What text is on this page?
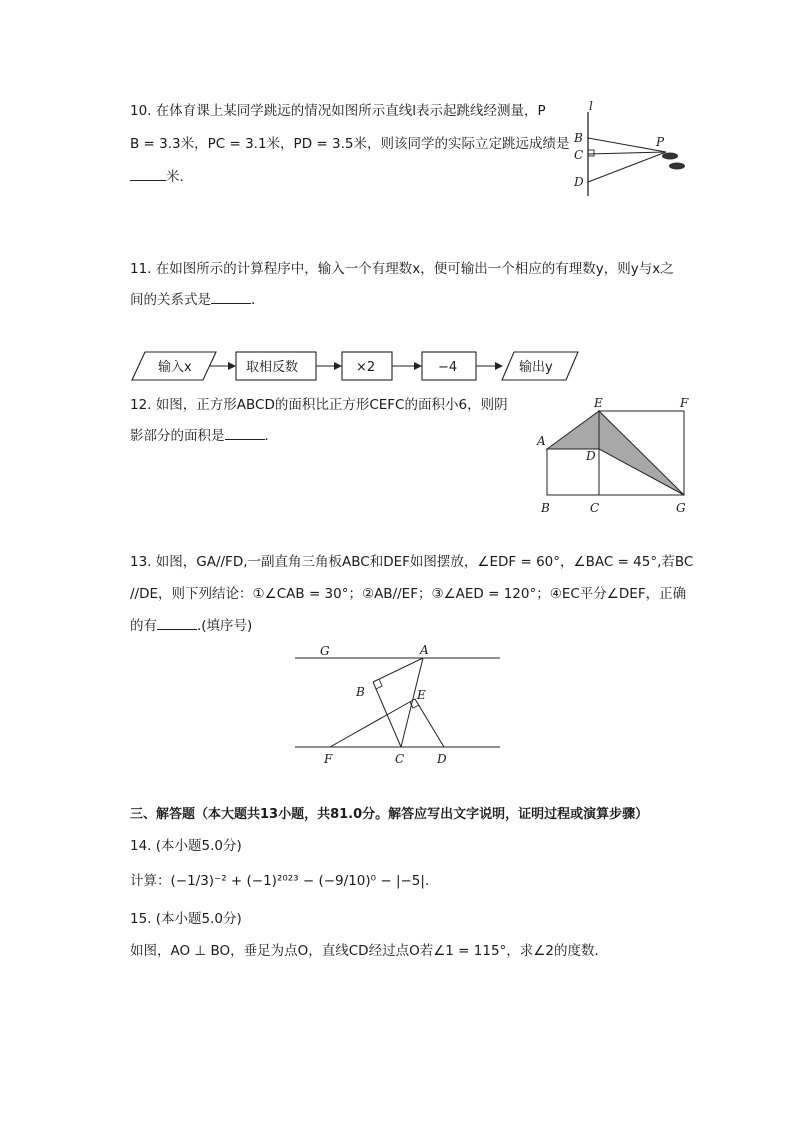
10. 在体育课上某同学跳远的情况如图所示直线l表示起跳线经测量，P
B = 3.3米，PC = 3.1米，PD = 3.5米，则该同学的实际立定跳远成绩是
米．
l
B
C
D
P
11. 在如图所示的计算程序中，输入一个有理数x，便可输出一个相应的有理数y，则y与x之
间的关系式是	．
输入x	取相反数	×2	−4	输出y
12. 如图，正方形ABCD的面积比正方形CEFC的面积小6，则阴
影部分的面积是	．
E	F
A
D
B	C	G
13. 如图，GA//FD,一副直角三角板ABC和DEF如图摆放，∠EDF = 60°，∠BAC = 45°,若BC
//DE，则下列结论：①∠CAB = 30°；②AB//EF；③∠AED = 120°；④EC平分∠DEF，正确
的有	.(填序号)
G	A
B	E
F	C	D
三、解答题（本大题共13小题，共81.0分。解答应写出文字说明，证明过程或演算步骤）
14. (本小题5.0分)
计算：(−1/3)⁻² + (−1)²⁰²³ − (−9/10)⁰ − |−5|．
15. (本小题5.0分)
如图，AO ⊥ BO，垂足为点O，直线CD经过点O若∠1 = 115°，求∠2的度数．
